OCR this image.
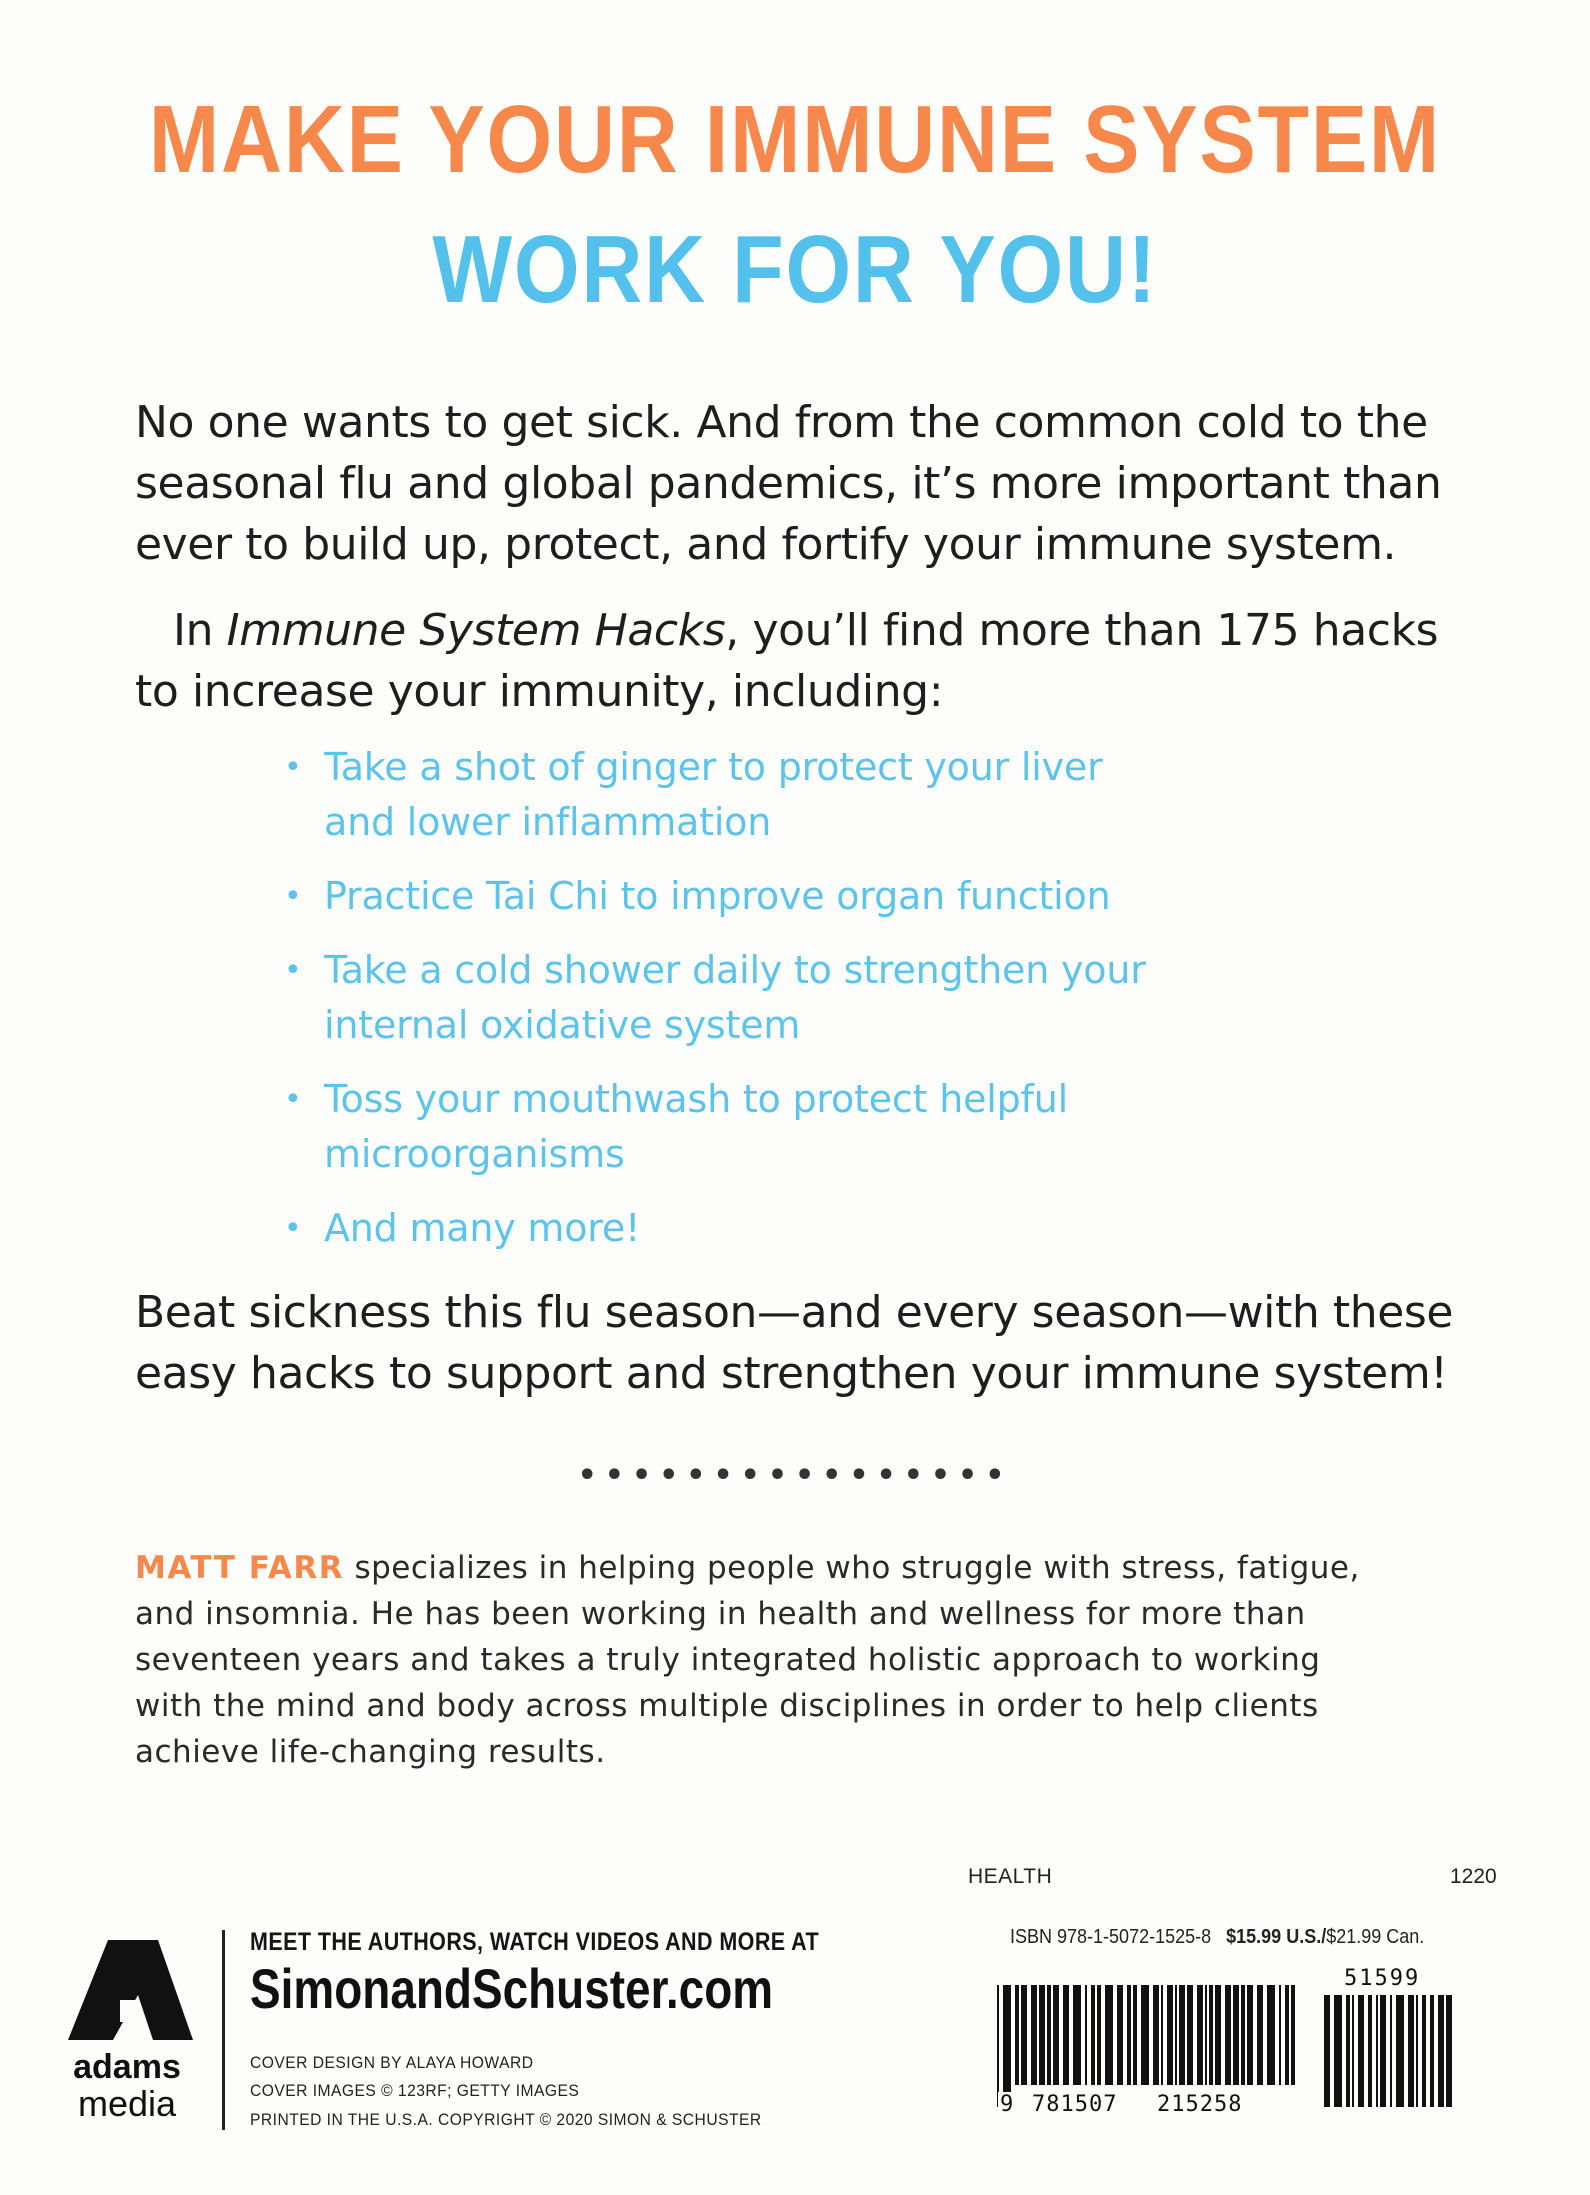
MAKE YOUR IMMUNE SYSTEM
WORK FOR YOU!
No one wants to get sick. And from the common cold to the
seasonal flu and global pandemics, it’s more important than
ever to build up, protect, and fortify your immune system.
In Immune System Hacks, you’ll find more than 175 hacks
to increase your immunity, including:
• Take a shot of ginger to protect your liver
and lower inflammation
• Practice Tai Chi to improve organ function
• Take a cold shower daily to strengthen your
internal oxidative system
• Toss your mouthwash to protect helpful
microorganisms
• And many more!
Beat sickness this flu season—and every season—with these
easy hacks to support and strengthen your immune system!
••••••••••••••••
MATT FARR specializes in helping people who struggle with stress, fatigue,
and insomnia. He has been working in health and wellness for more than
seventeen years and takes a truly integrated holistic approach to working
with the mind and body across multiple disciplines in order to help clients
achieve life-changing results.
adams
media
MEET THE AUTHORS, WATCH VIDEOS AND MORE AT
SimonandSchuster.com
COVER DESIGN BY ALAYA HOWARD
COVER IMAGES © 123RF; GETTY IMAGES
PRINTED IN THE U.S.A. COPYRIGHT © 2020 SIMON & SCHUSTER
HEALTH	1220
ISBN 978-1-5072-1525-8 $15.99 U.S./$21.99 Can.
9 781507 215258
51599
